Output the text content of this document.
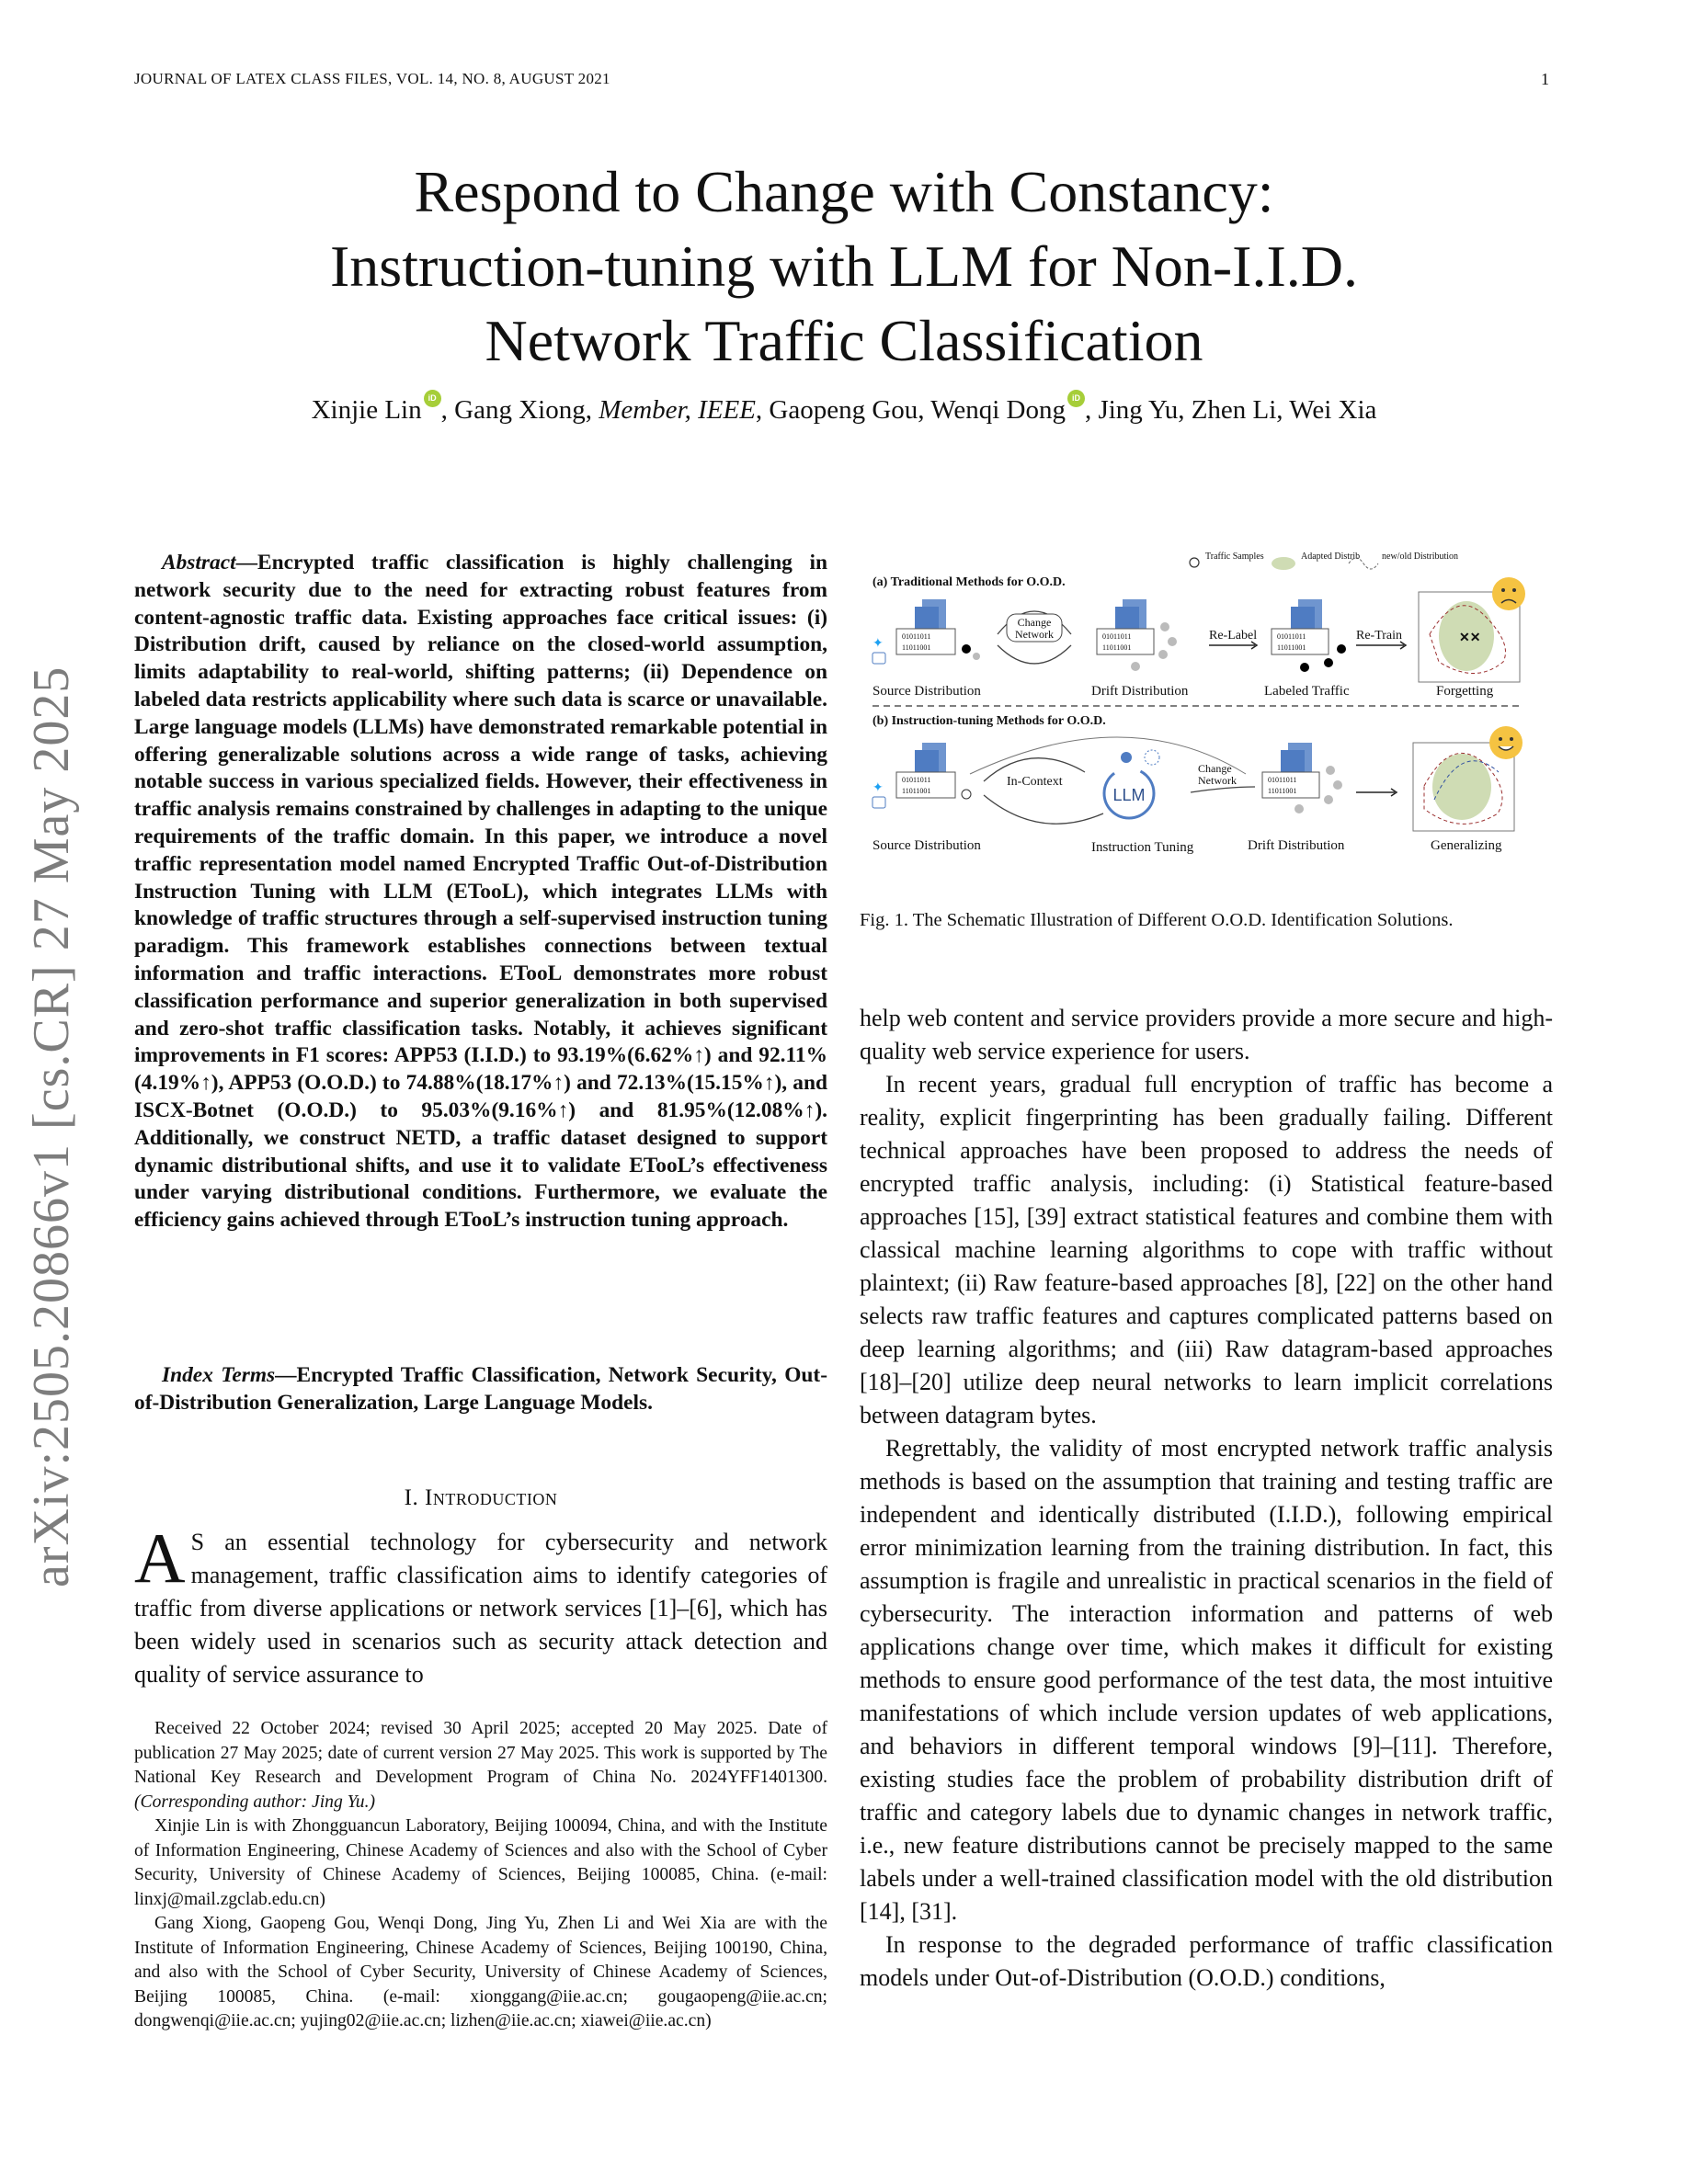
JOURNAL OF LATEX CLASS FILES, VOL. 14, NO. 8, AUGUST 2021	1
Respond to Change with Constancy:
Instruction-tuning with LLM for Non-I.I.D.
Network Traffic Classification
Xinjie Lin iD , Gang Xiong, Member, IEEE, Gaopeng Gou, Wenqi Dong iD , Jing Yu, Zhen Li, Wei Xia
arXiv:2505.20866v1 [cs.CR] 27 May 2025
Abstract—Encrypted traffic classification is highly challenging in network security due to the need for extracting robust features from content-agnostic traffic data. Existing approaches face critical issues: (i) Distribution drift, caused by reliance on the closed-world assumption, limits adaptability to real-world, shifting patterns; (ii) Dependence on labeled data restricts applicability where such data is scarce or unavailable. Large language models (LLMs) have demonstrated remarkable potential in offering generalizable solutions across a wide range of tasks, achieving notable success in various specialized fields. However, their effectiveness in traffic analysis remains constrained by challenges in adapting to the unique requirements of the traffic domain. In this paper, we introduce a novel traffic representation model named Encrypted Traffic Out-of-Distribution Instruction Tuning with LLM (ETooL), which integrates LLMs with knowledge of traffic structures through a self-supervised instruction tuning paradigm. This framework establishes connections between textual information and traffic interactions. ETooL demonstrates more robust classification performance and superior generalization in both supervised and zero-shot traffic classification tasks. Notably, it achieves significant improvements in F1 scores: APP53 (I.I.D.) to 93.19%(6.62%↑) and 92.11%(4.19%↑), APP53 (O.O.D.) to 74.88%(18.17%↑) and 72.13%(15.15%↑), and ISCX-Botnet (O.O.D.) to 95.03%(9.16%↑) and 81.95%(12.08%↑). Additionally, we construct NETD, a traffic dataset designed to support dynamic distributional shifts, and use it to validate ETooL’s effectiveness under varying distributional conditions. Furthermore, we evaluate the efficiency gains achieved through ETooL’s instruction tuning approach.
Index Terms—Encrypted Traffic Classification, Network Security, Out-of-Distribution Generalization, Large Language Models.
I. Introduction
A S an essential technology for cybersecurity and network management, traffic classification aims to identify categories of traffic from diverse applications or network services [1]–[6], which has been widely used in scenarios such as security attack detection and quality of service assurance to

Received 22 October 2024; revised 30 April 2025; accepted 20 May 2025. Date of publication 27 May 2025; date of current version 27 May 2025. This work is supported by The National Key Research and Development Program of China No. 2024YFF1401300. (Corresponding author: Jing Yu.)

Xinjie Lin is with Zhongguancun Laboratory, Beijing 100094, China, and with the Institute of Information Engineering, Chinese Academy of Sciences and also with the School of Cyber Security, University of Chinese Academy of Sciences, Beijing 100085, China. (e-mail: linxj@mail.zgclab.edu.cn)

Gang Xiong, Gaopeng Gou, Wenqi Dong, Jing Yu, Zhen Li and Wei Xia are with the Institute of Information Engineering, Chinese Academy of Sciences, Beijing 100190, China, and also with the School of Cyber Security, University of Chinese Academy of Sciences, Beijing 100085, China. (e-mail: xionggang@iie.ac.cn; gougaopeng@iie.ac.cn; dongwenqi@iie.ac.cn; yujing02@iie.ac.cn; lizhen@iie.ac.cn; xiawei@iie.ac.cn)

Traffic Samples	Adapted Distrib new/old Distribution
(a) Traditional Methods for O.O.D.
01011011
11011001
✦
Source Distribution
Change
Network	01011011
11011001
Drift Distribution
Re-Label	01011011
11011001
Labeled Traffic
Re-Train	✕✕
Forgetting
(b) Instruction-tuning Methods for O.O.D.
01011011
11011001
✦
Source Distribution
In-Context
LLM
Instruction Tuning
Change
Network	01011011
11011001
Drift Distribution	Generalizing
Fig. 1. The Schematic Illustration of Different O.O.D. Identification Solutions.

help web content and service providers provide a more secure and high-quality web service experience for users.

In recent years, gradual full encryption of traffic has become a reality, explicit fingerprinting has been gradually failing. Different technical approaches have been proposed to address the needs of encrypted traffic analysis, including: (i) Statistical feature-based approaches [15], [39] extract statistical features and combine them with classical machine learning algorithms to cope with traffic without plaintext; (ii) Raw feature-based approaches [8], [22] on the other hand selects raw traffic features and captures complicated patterns based on deep learning algorithms; and (iii) Raw datagram-based approaches [18]–[20] utilize deep neural networks to learn implicit correlations between datagram bytes.

Regrettably, the validity of most encrypted network traffic analysis methods is based on the assumption that training and testing traffic are independent and identically distributed (I.I.D.), following empirical error minimization learning from the training distribution. In fact, this assumption is fragile and unrealistic in practical scenarios in the field of cybersecurity. The interaction information and patterns of web applications change over time, which makes it difficult for existing methods to ensure good performance of the test data, the most intuitive manifestations of which include version updates of web applications, and behaviors in different temporal windows [9]–[11]. Therefore, existing studies face the problem of probability distribution drift of traffic and category labels due to dynamic changes in network traffic, i.e., new feature distributions cannot be precisely mapped to the same labels under a well-trained classification model with the old distribution [14], [31].

In response to the degraded performance of traffic classification models under Out-of-Distribution (O.O.D.) conditions,
